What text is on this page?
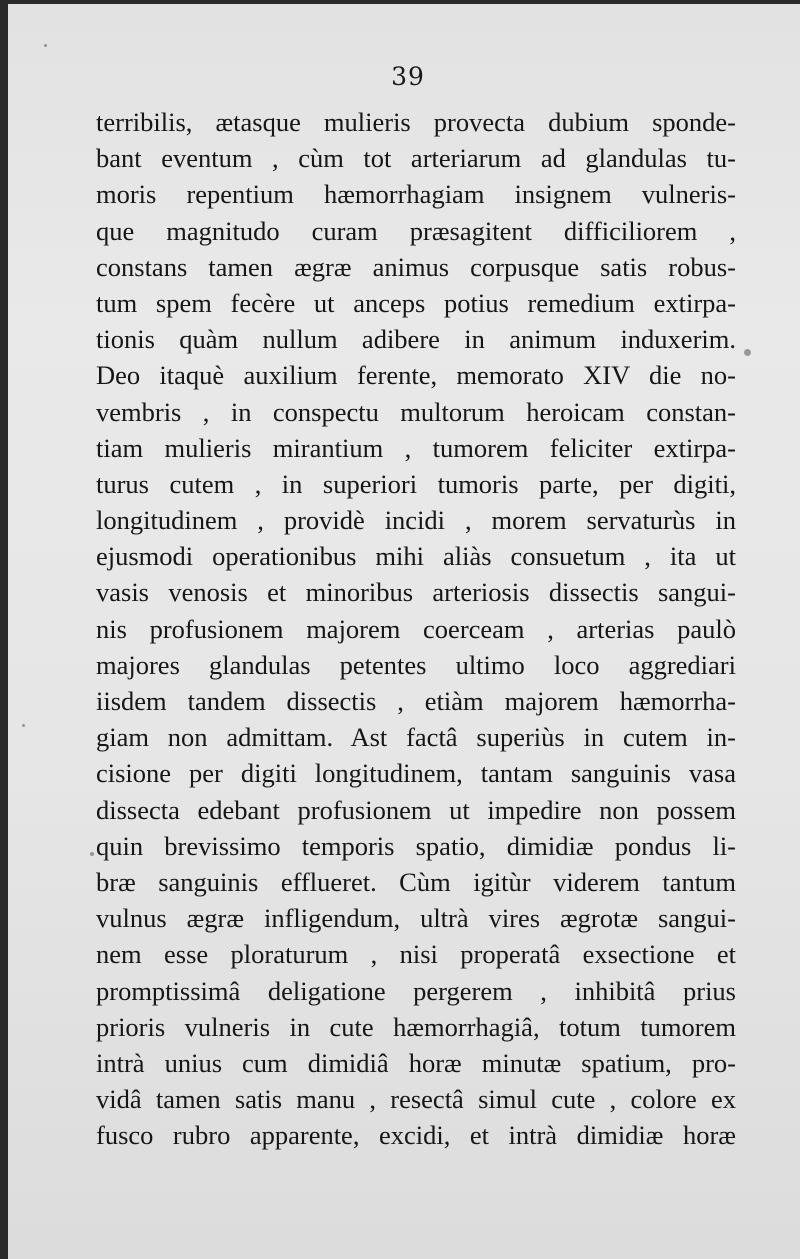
39
terribilis, ætasque mulieris provecta dubium sponde-
bant eventum , cùm tot arteriarum ad glandulas tu-
moris repentium hæmorrhagiam insignem vulneris-
que magnitudo curam præsagitent difficiliorem ,
constans tamen ægræ animus corpusque satis robus-
tum spem fecère ut anceps potius remedium extirpa-
tionis quàm nullum adibere in animum induxerim.
Deo itaquè auxilium ferente, memorato XIV die no-
vembris , in conspectu multorum heroicam constan-
tiam mulieris mirantium , tumorem feliciter extirpa-
turus cutem , in superiori tumoris parte, per digiti,
longitudinem , providè incidi , morem servaturùs in
ejusmodi operationibus mihi aliàs consuetum , ita ut
vasis venosis et minoribus arteriosis dissectis sangui-
nis profusionem majorem coerceam , arterias paulò
majores glandulas petentes ultimo loco aggrediari
iisdem tandem dissectis , etiàm majorem hæmorrha-
giam non admittam. Ast factâ superiùs in cutem in-
cisione per digiti longitudinem, tantam sanguinis vasa
dissecta edebant profusionem ut impedire non possem
quin brevissimo temporis spatio, dimidiæ pondus li-
bræ sanguinis efflueret. Cùm igitùr viderem tantum
vulnus ægræ infligendum, ultrà vires ægrotæ sangui-
nem esse ploraturum , nisi properatâ exsectione et
promptissimâ deligatione pergerem , inhibitâ prius
prioris vulneris in cute hæmorrhagiâ, totum tumorem
intrà unius cum dimidiâ horæ minutæ spatium, pro-
vidâ tamen satis manu , resectâ simul cute , colore ex
fusco rubro apparente, excidi, et intrà dimidiæ horæ
